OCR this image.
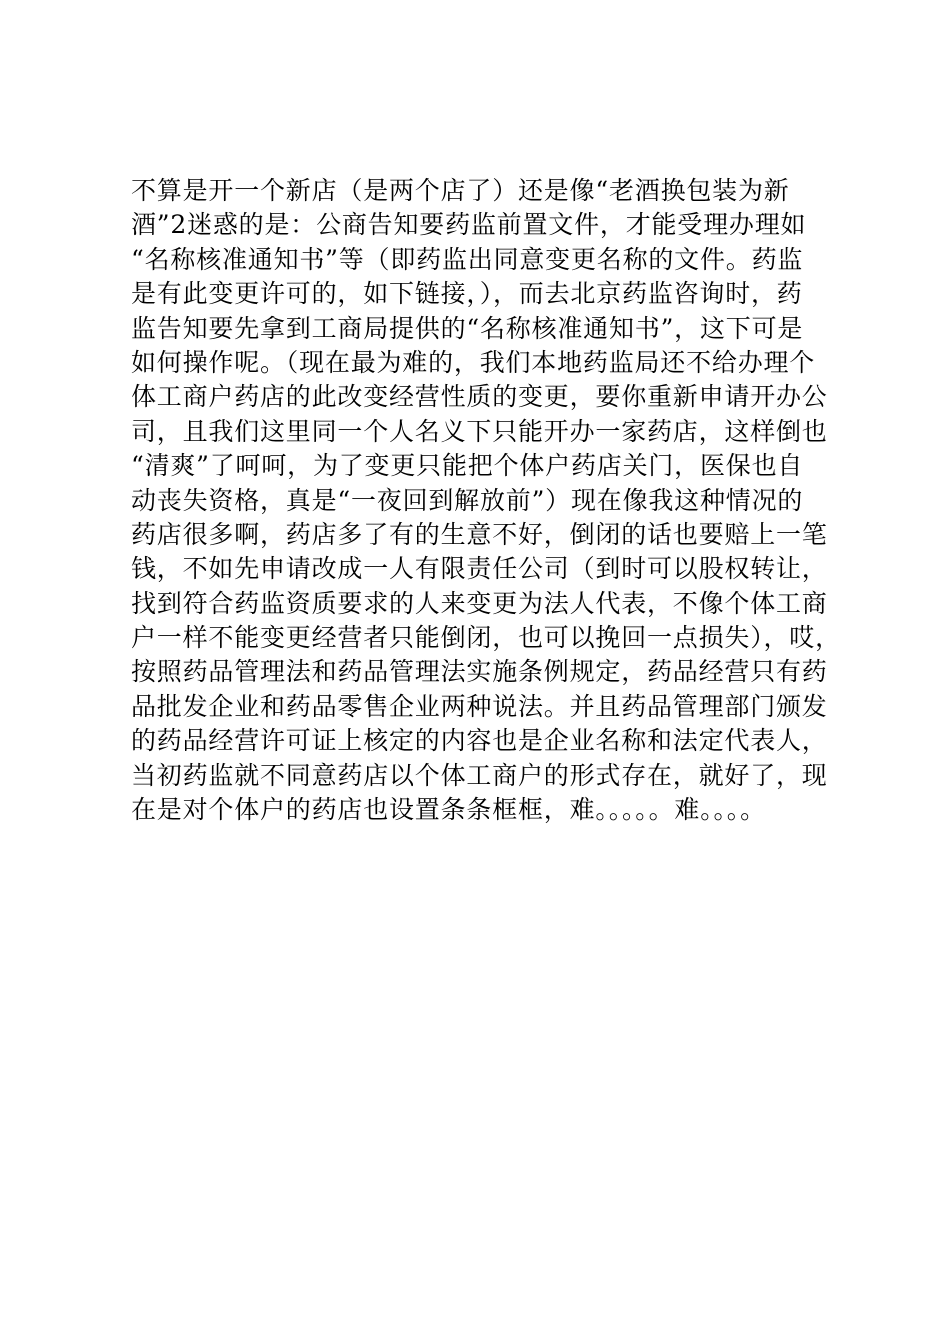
不算是开一个新店（是两个店了）还是像“老酒换包装为新
酒”2迷惑的是：公商告知要药监前置文件，才能受理办理如
“名称核准通知书”等（即药监出同意变更名称的文件。药监
是有此变更许可的，如下链接，），而去北京药监咨询时，药
监告知要先拿到工商局提供的“名称核准通知书”，这下可是
如何操作呢。（现在最为难的，我们本地药监局还不给办理个
体工商户药店的此改变经营性质的变更，要你重新申请开办公
司，且我们这里同一个人名义下只能开办一家药店，这样倒也
“清爽”了呵呵，为了变更只能把个体户药店关门，医保也自
动丧失资格，真是“一夜回到解放前”）现在像我这种情况的
药店很多啊，药店多了有的生意不好，倒闭的话也要赔上一笔
钱，不如先申请改成一人有限责任公司（到时可以股权转让，
找到符合药监资质要求的人来变更为法人代表，不像个体工商
户一样不能变更经营者只能倒闭，也可以挽回一点损失），哎，
按照药品管理法和药品管理法实施条例规定，药品经营只有药
品批发企业和药品零售企业两种说法。并且药品管理部门颁发
的药品经营许可证上核定的内容也是企业名称和法定代表人，
当初药监就不同意药店以个体工商户的形式存在，就好了，现
在是对个体户的药店也设置条条框框，难。。。。。难。。。。
